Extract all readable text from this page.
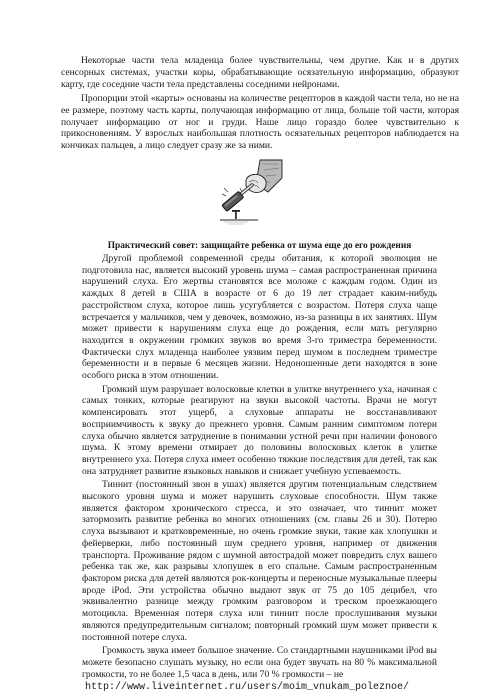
Некоторые части тела младенца более чувствительны, чем другие. Как и в других сенсорных системах, участки коры, обрабатывающие осязательную информацию, образуют карту, где соседние части тела представлены соседними нейронами.

Пропорции этой «карты» основаны на количестве рецепторов в каждой части тела, но не на ее размере, поэтому часть карты, получающая информацию от лица, больше той части, которая получает информацию от ног и груди. Наше лицо гораздо более чувствительно к прикосновениям. У взрослых наибольшая плотность осязательных рецепторов наблюдается на кончиках пальцев, а лицо следует сразу же за ними.

Практический совет: защищайте ребенка от шума еще до его рождения

Другой проблемой современной среды обитания, к которой эволюция не подготовила нас, является высокий уровень шума – самая распространенная причина нарушений слуха. Его жертвы становятся все моложе с каждым годом. Один из каждых 8 детей в США в возрасте от 6 до 19 лет страдает каким-нибудь расстройством слуха, которое лишь усугубляется с возрастом. Потеря слуха чаще встречается у мальчиков, чем у девочек, возможно, из-за разницы в их занятиях. Шум может привести к нарушениям слуха еще до рождения, если мать регулярно находится в окружении громких звуков во время 3-го триместра беременности. Фактически слух младенца наиболее уязвим перед шумом в последнем триместре беременности и в первые 6 месяцев жизни. Недоношенные дети находятся в зоне особого риска в этом отношении.

Громкий шум разрушает волосковые клетки в улитке внутреннего уха, начиная с самых тонких, которые реагируют на звуки высокой частоты. Врачи не могут компенсировать этот ущерб, а слуховые аппараты не восстанавливают восприимчивость к звуку до прежнего уровня. Самым ранним симптомом потери слуха обычно является затруднение в понимании устной речи при наличии фонового шума. К этому времени отмирает до половины волосковых клеток в улитке внутреннего уха. Потеря слуха имеет особенно тяжкие последствия для детей, так как она затрудняет развитие языковых навыков и снижает учебную успеваемость.

Тиннит (постоянный звон в ушах) является другим потенциальным следствием высокого уровня шума и может нарушить слуховые способности. Шум также является фактором хронического стресса, и это означает, что тиннит может затормозить развитие ребенка во многих отношениях (см. главы 26 и 30). Потерю слуха вызывают и кратковременные, но очень громкие звуки, такие как хлопушки и фейерверки, либо постоянный шум среднего уровня, например от движения транспорта. Проживание рядом с шумной автострадой может повредить слух вашего ребенка так же, как разрывы хлопушек в его спальне. Самым распространенным фактором риска для детей являются рок-концерты и переносные музыкальные плееры вроде iPod. Эти устройства обычно выдают звук от 75 до 105 децибел, что эквивалентно разнице между громким разговором и треском проезжающего мотоцикла. Временная потеря слуха или тиннит после прослушивания музыки являются предупредительным сигналом; повторный громкий шум может привести к постоянной потере слуха.

Громкость звука имеет большое значение. Со стандартными наушниками iPod вы можете безопасно слушать музыку, но если она будет звучать на 80 % максимальной громкости, то не более 1,5 часа в день, или 70 % громкости – не

http://www.liveinternet.ru/users/moim_vnukam_poleznoe/
